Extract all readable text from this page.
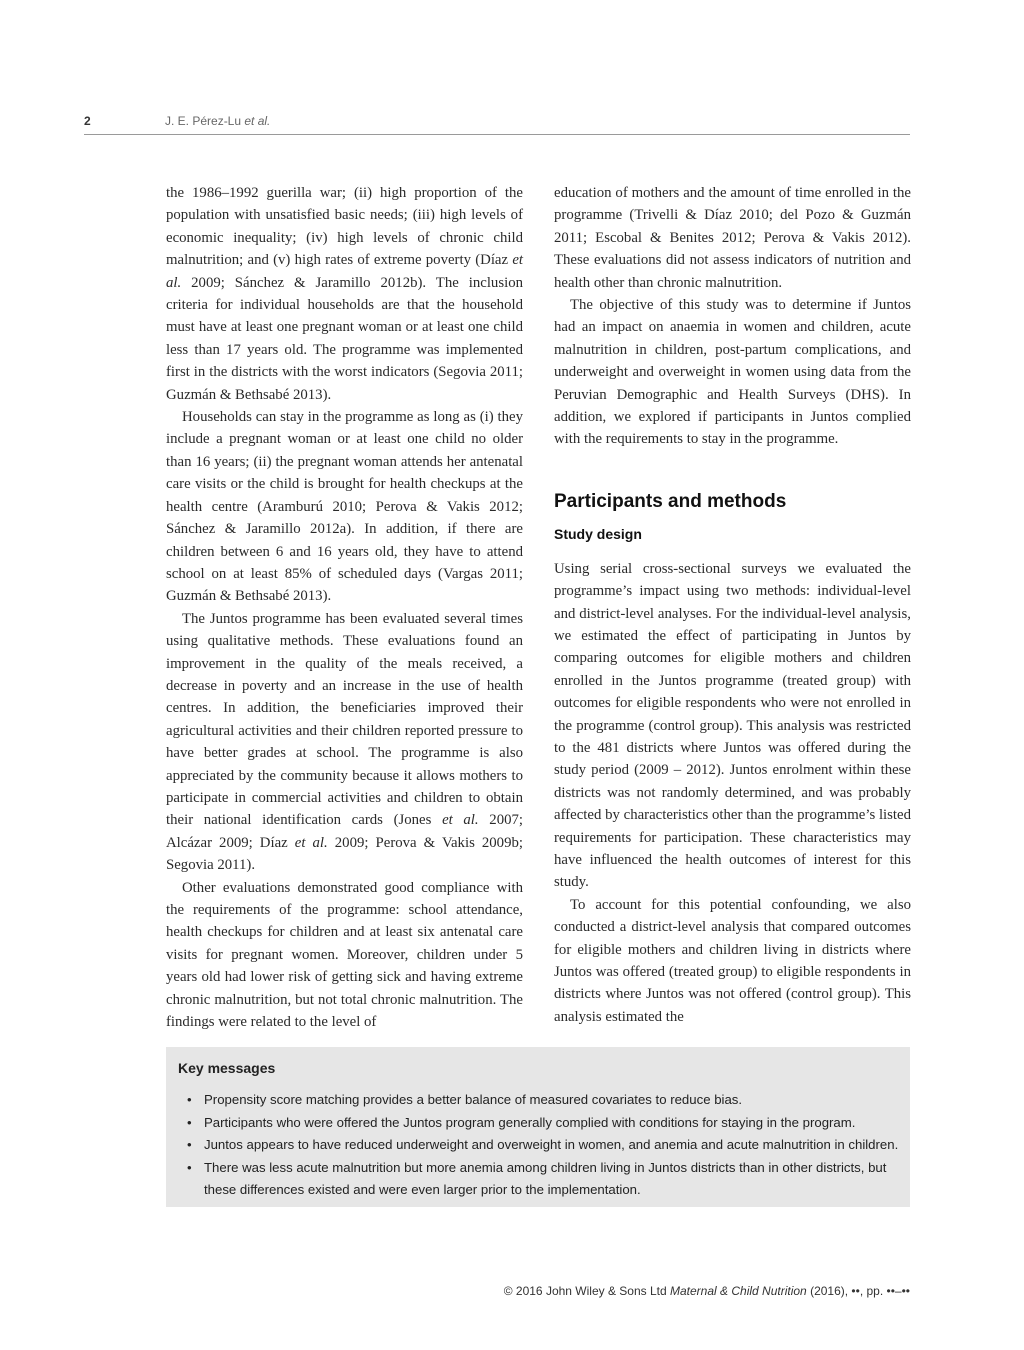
2	J. E. Pérez-Lu et al.

the 1986–1992 guerilla war; (ii) high proportion of the population with unsatisfied basic needs; (iii) high levels of economic inequality; (iv) high levels of chronic child malnutrition; and (v) high rates of extreme poverty (Díaz et al. 2009; Sánchez & Jaramillo 2012b). The inclusion criteria for individual households are that the household must have at least one pregnant woman or at least one child less than 17 years old. The programme was implemented first in the districts with the worst indicators (Segovia 2011; Guzmán & Bethsabé 2013).

Households can stay in the programme as long as (i) they include a pregnant woman or at least one child no older than 16 years; (ii) the pregnant woman attends her antenatal care visits or the child is brought for health checkups at the health centre (Aramburú 2010; Perova & Vakis 2012; Sánchez & Jaramillo 2012a). In addition, if there are children between 6 and 16 years old, they have to attend school on at least 85% of scheduled days (Vargas 2011; Guzmán & Bethsabé 2013).

The Juntos programme has been evaluated several times using qualitative methods. These evaluations found an improvement in the quality of the meals received, a decrease in poverty and an increase in the use of health centres. In addition, the beneficiaries improved their agricultural activities and their children reported pressure to have better grades at school. The programme is also appreciated by the community because it allows mothers to participate in commercial activities and children to obtain their national identification cards (Jones et al. 2007; Alcázar 2009; Díaz et al. 2009; Perova & Vakis 2009b; Segovia 2011).

Other evaluations demonstrated good compliance with the requirements of the programme: school attendance, health checkups for children and at least six antenatal care visits for pregnant women. Moreover, children under 5 years old had lower risk of getting sick and having extreme chronic malnutrition, but not total chronic malnutrition. The findings were related to the level of

education of mothers and the amount of time enrolled in the programme (Trivelli & Díaz 2010; del Pozo & Guzmán 2011; Escobal & Benites 2012; Perova & Vakis 2012). These evaluations did not assess indicators of nutrition and health other than chronic malnutrition.

The objective of this study was to determine if Juntos had an impact on anaemia in women and children, acute malnutrition in children, post-partum complications, and underweight and overweight in women using data from the Peruvian Demographic and Health Surveys (DHS). In addition, we explored if participants in Juntos complied with the requirements to stay in the programme.

Participants and methods
Study design

Using serial cross-sectional surveys we evaluated the programme’s impact using two methods: individual-level and district-level analyses. For the individual-level analysis, we estimated the effect of participating in Juntos by comparing outcomes for eligible mothers and children enrolled in the Juntos programme (treated group) with outcomes for eligible respondents who were not enrolled in the programme (control group). This analysis was restricted to the 481 districts where Juntos was offered during the study period (2009 – 2012). Juntos enrolment within these districts was not randomly determined, and was probably affected by characteristics other than the programme’s listed requirements for participation. These characteristics may have influenced the health outcomes of interest for this study.

To account for this potential confounding, we also conducted a district-level analysis that compared outcomes for eligible mothers and children living in districts where Juntos was offered (treated group) to eligible respondents in districts where Juntos was not offered (control group). This analysis estimated the

Key messages
• Propensity score matching provides a better balance of measured covariates to reduce bias.
• Participants who were offered the Juntos program generally complied with conditions for staying in the program.
• Juntos appears to have reduced underweight and overweight in women, and anemia and acute malnutrition in children.
• There was less acute malnutrition but more anemia among children living in Juntos districts than in other districts, but these differences existed and were even larger prior to the implementation.
© 2016 John Wiley & Sons Ltd Maternal & Child Nutrition (2016), ••, pp. ••–••
